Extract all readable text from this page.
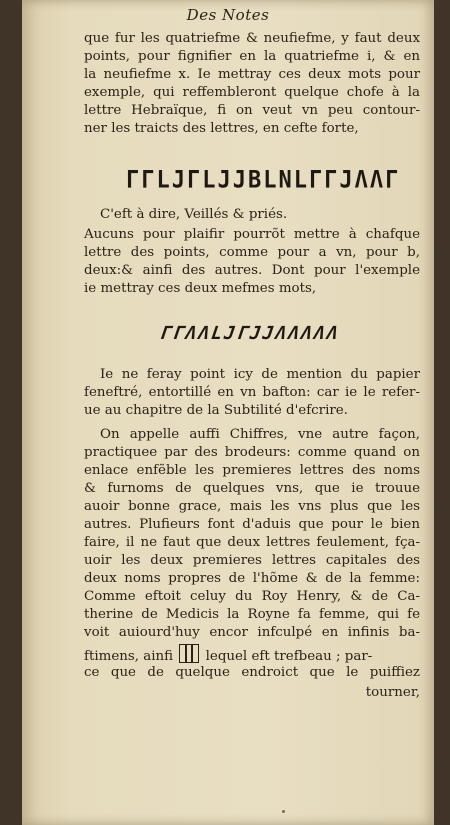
Des Notes
que fur les quatriefme & neufiefme, y faut deux
points, pour fignifier en la quatriefme i, & en
la neufiefme x. Ie mettray ces deux mots pour
exemple, qui reffembleront quelque chofe à la
lettre Hebraïque, fi on veut vn peu contour-
ner les traicts des lettres, en cefte forte,
ΓΓLJΓLJJBLNLΓΓJΛΛΓ
C'eft à dire, Veillés & priés.
Aucuns pour plaifir pourrõt mettre à chafque
lettre des points, comme pour a vn, pour b,
deux:& ainfi des autres. Dont pour l'exemple
ie mettray ces deux mefmes mots,
ΓΓΛΛLJΓJJΛΛΛΛΛ
Ie ne feray point icy de mention du papier
feneftré, entortillé en vn bafton: car ie le refer-
ue au chapitre de la Subtilité d'efcrire.
On appelle auffi Chiffres, vne autre façon,
practiquee par des brodeurs: comme quand on
enlace enfẽble les premieres lettres des noms
& furnoms de quelques vns, que ie trouue
auoir bonne grace, mais les vns plus que les
autres. Plufieurs font d'aduis que pour le bien
faire, il ne faut que deux lettres feulement, fça-
uoir les deux premieres lettres capitales des
deux noms propres de l'hõme & de la femme:
Comme eftoit celuy du Roy Henry, & de Ca-
therine de Medicis la Royne fa femme, qui fe
voit auiourd'huy encor infculpé en infinis ba-
ftimens, ainfi lequel eft trefbeau ; par-
ce que de quelque endroict que le puiffiez
tourner,
